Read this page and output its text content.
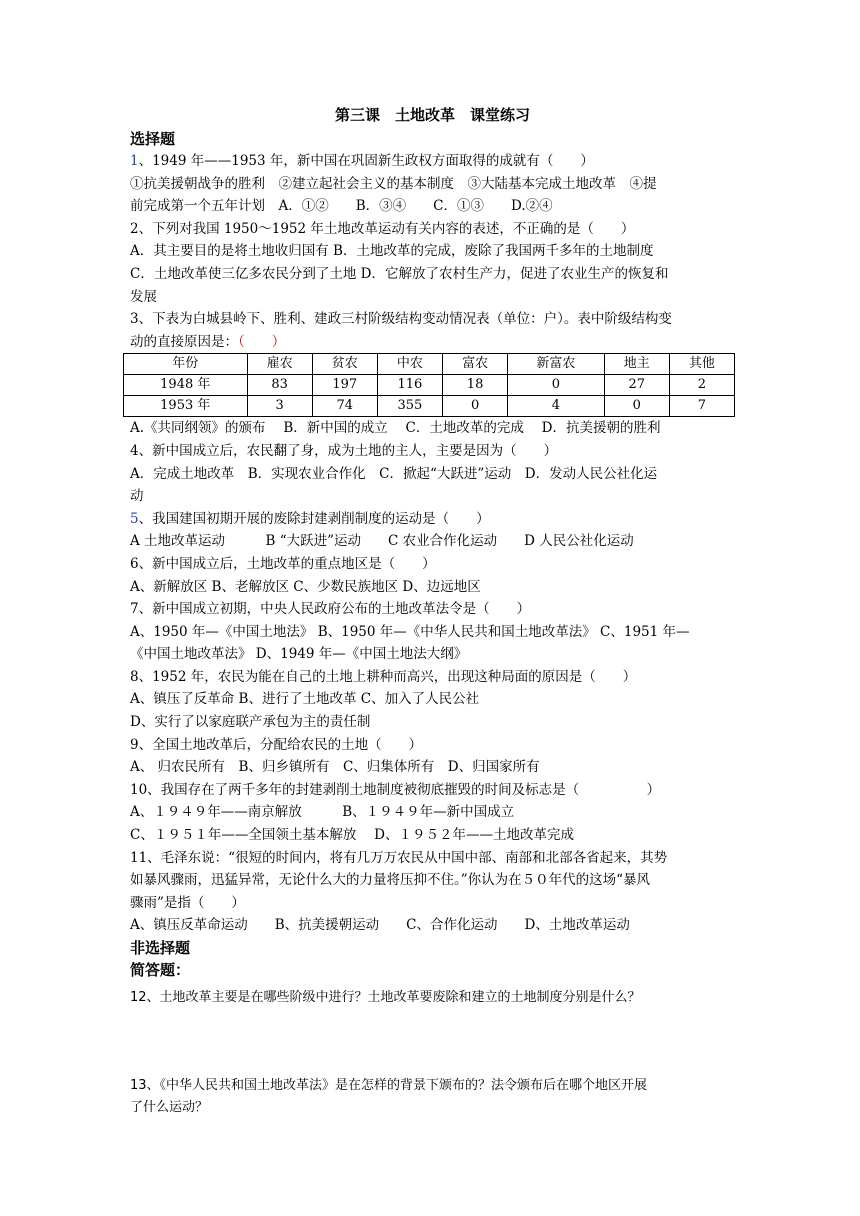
第三课　土地改革　课堂练习
选择题
1、1949 年——1953 年，新中国在巩固新生政权方面取得的成就有（　　）
①抗美援朝战争的胜利　②建立起社会主义的基本制度　③大陆基本完成土地改革　④提
前完成第一个五年计划　A．①②　　B．③④　　C．①③　　D.②④
2、下列对我国 1950～1952 年土地改革运动有关内容的表述，不正确的是（　　）
A．其主要目的是将土地收归国有 B．土地改革的完成，废除了我国两千多年的土地制度
C．土地改革使三亿多农民分到了土地 D．它解放了农村生产力，促进了农业生产的恢复和
发展
3、下表为白城县岭下、胜利、建政三村阶级结构变动情况表（单位：户）。表中阶级结构变
动的直接原因是：（　　）
年份	雇农	贫农	中农	富农	新富农	地主	其他
1948 年	83	197	116	18	0	27	2
1953 年	3	74	355	0	4	0	7
A.《共同纲领》的颁布　 B．新中国的成立　 C．土地改革的完成　 D．抗美援朝的胜利
4、新中国成立后，农民翻了身，成为土地的主人，主要是因为（　　）
A．完成土地改革　B．实现农业合作化　C．掀起“大跃进”运动　D．发动人民公社化运
动
5、我国建国初期开展的废除封建剥削制度的运动是（　　）
A 土地改革运动　　　B “大跃进”运动　　C 农业合作化运动　　D 人民公社化运动
6、新中国成立后，土地改革的重点地区是（　　）
A、新解放区 B、老解放区 C、少数民族地区 D、边远地区
7、新中国成立初期，中央人民政府公布的土地改革法令是（　　）
A、1950 年—《中国土地法》 B、1950 年—《中华人民共和国土地改革法》 C、1951 年—
《中国土地改革法》 D、1949 年—《中国土地法大纲》
8、1952 年，农民为能在自己的土地上耕种而高兴，出现这种局面的原因是（　　）
A、镇压了反革命 B、进行了土地改革 C、加入了人民公社
D、实行了以家庭联产承包为主的责任制
9、全国土地改革后，分配给农民的土地（　　）
A、 归农民所有　B、归乡镇所有　C、归集体所有　D、归国家所有
10、我国存在了两千多年的封建剥削土地制度被彻底摧毁的时间及标志是（　　　　　）
A、１９４９年——南京解放　　　B、１９４９年—新中国成立
C、１９５１年——全国领土基本解放　 D、１９５２年——土地改革完成
11、毛泽东说：“很短的时间内，将有几万万农民从中国中部、南部和北部各省起来，其势
如暴风骤雨，迅猛异常，无论什么大的力量将压抑不住。”你认为在５０年代的这场“暴风
骤雨”是指（　　）
A、镇压反革命运动　　B、抗美援朝运动　　C、合作化运动　　D、土地改革运动
非选择题
简答题：
12、土地改革主要是在哪些阶级中进行？土地改革要废除和建立的土地制度分别是什么？
13、《中华人民共和国土地改革法》是在怎样的背景下颁布的？法令颁布后在哪个地区开展
了什么运动？
